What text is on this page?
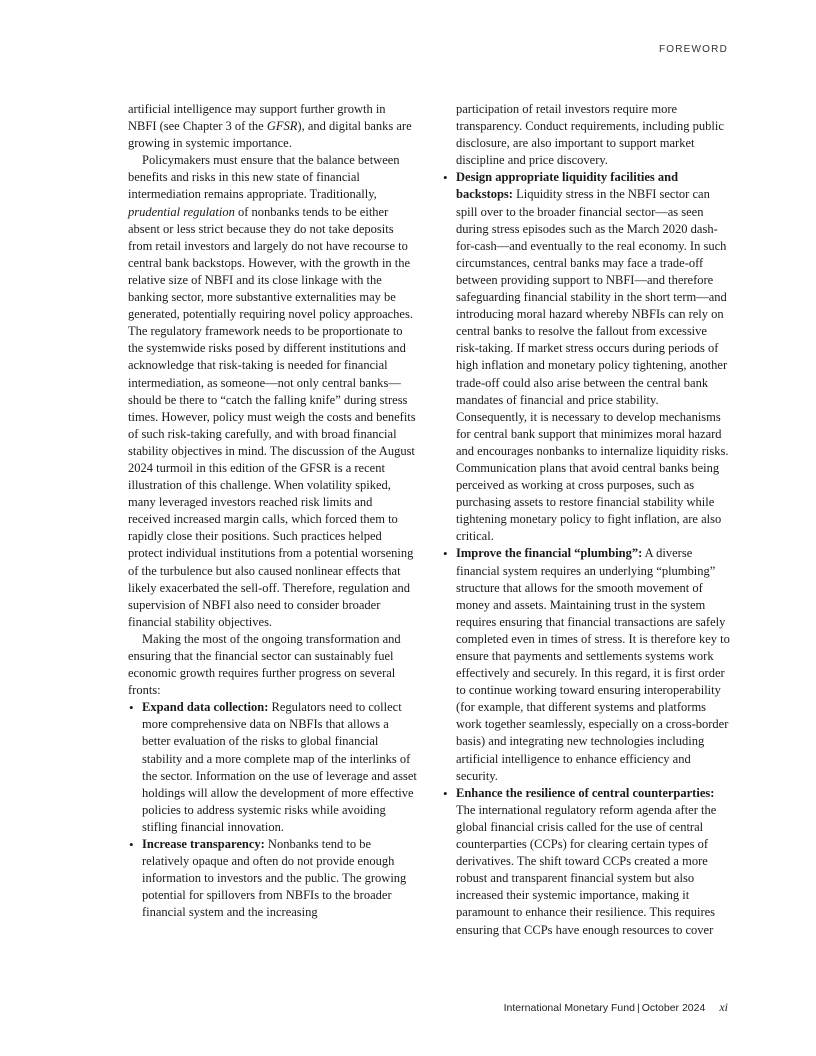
FOREWORD

artificial intelligence may support further growth in NBFI (see Chapter 3 of the GFSR), and digital banks are growing in systemic importance.

Policymakers must ensure that the balance between benefits and risks in this new state of financial intermediation remains appropriate. Traditionally, prudential regulation of nonbanks tends to be either absent or less strict because they do not take deposits from retail investors and largely do not have recourse to central bank backstops. However, with the growth in the relative size of NBFI and its close linkage with the banking sector, more substantive externalities may be generated, potentially requiring novel policy approaches. The regulatory framework needs to be proportionate to the systemwide risks posed by different institutions and acknowledge that risk-taking is needed for financial intermediation, as someone—not only central banks—should be there to “catch the falling knife” during stress times. However, policy must weigh the costs and benefits of such risk-taking carefully, and with broad financial stability objectives in mind. The discussion of the August 2024 turmoil in this edition of the GFSR is a recent illustration of this challenge. When volatility spiked, many leveraged investors reached risk limits and received increased margin calls, which forced them to rapidly close their positions. Such practices helped protect individual institutions from a potential worsening of the turbulence but also caused nonlinear effects that likely exacerbated the sell-off. Therefore, regulation and supervision of NBFI also need to consider broader financial stability objectives.

Making the most of the ongoing transformation and ensuring that the financial sector can sustainably fuel economic growth requires further progress on several fronts:

• Expand data collection: Regulators need to collect more comprehensive data on NBFIs that allows a better evaluation of the risks to global financial stability and a more complete map of the interlinks of the sector. Information on the use of leverage and asset holdings will allow the development of more effective policies to address systemic risks while avoiding stifling financial innovation.
• Increase transparency: Nonbanks tend to be relatively opaque and often do not provide enough information to investors and the public. The growing potential for spillovers from NBFIs to the broader financial system and the increasing

participation of retail investors require more transparency. Conduct requirements, including public disclosure, are also important to support market discipline and price discovery.

• Design appropriate liquidity facilities and backstops: Liquidity stress in the NBFI sector can spill over to the broader financial sector—as seen during stress episodes such as the March 2020 dash-for-cash—and eventually to the real economy. In such circumstances, central banks may face a trade-off between providing support to NBFI—and therefore safeguarding financial stability in the short term—and introducing moral hazard whereby NBFIs can rely on central banks to resolve the fallout from excessive risk-taking. If market stress occurs during periods of high inflation and monetary policy tightening, another trade-off could also arise between the central bank mandates of financial and price stability. Consequently, it is necessary to develop mechanisms for central bank support that minimizes moral hazard and encourages nonbanks to internalize liquidity risks. Communication plans that avoid central banks being perceived as working at cross purposes, such as purchasing assets to restore financial stability while tightening monetary policy to fight inflation, are also critical.
• Improve the financial “plumbing”: A diverse financial system requires an underlying “plumbing” structure that allows for the smooth movement of money and assets. Maintaining trust in the system requires ensuring that financial transactions are safely completed even in times of stress. It is therefore key to ensure that payments and settlements systems work effectively and securely. In this regard, it is first order to continue working toward ensuring interoperability (for example, that different systems and platforms work together seamlessly, especially on a cross-border basis) and integrating new technologies including artificial intelligence to enhance efficiency and security.
• Enhance the resilience of central counterparties: The international regulatory reform agenda after the global financial crisis called for the use of central counterparties (CCPs) for clearing certain types of derivatives. The shift toward CCPs created a more robust and transparent financial system but also increased their systemic importance, making it paramount to enhance their resilience. This requires ensuring that CCPs have enough resources to cover
International Monetary Fund | October 2024 xi
